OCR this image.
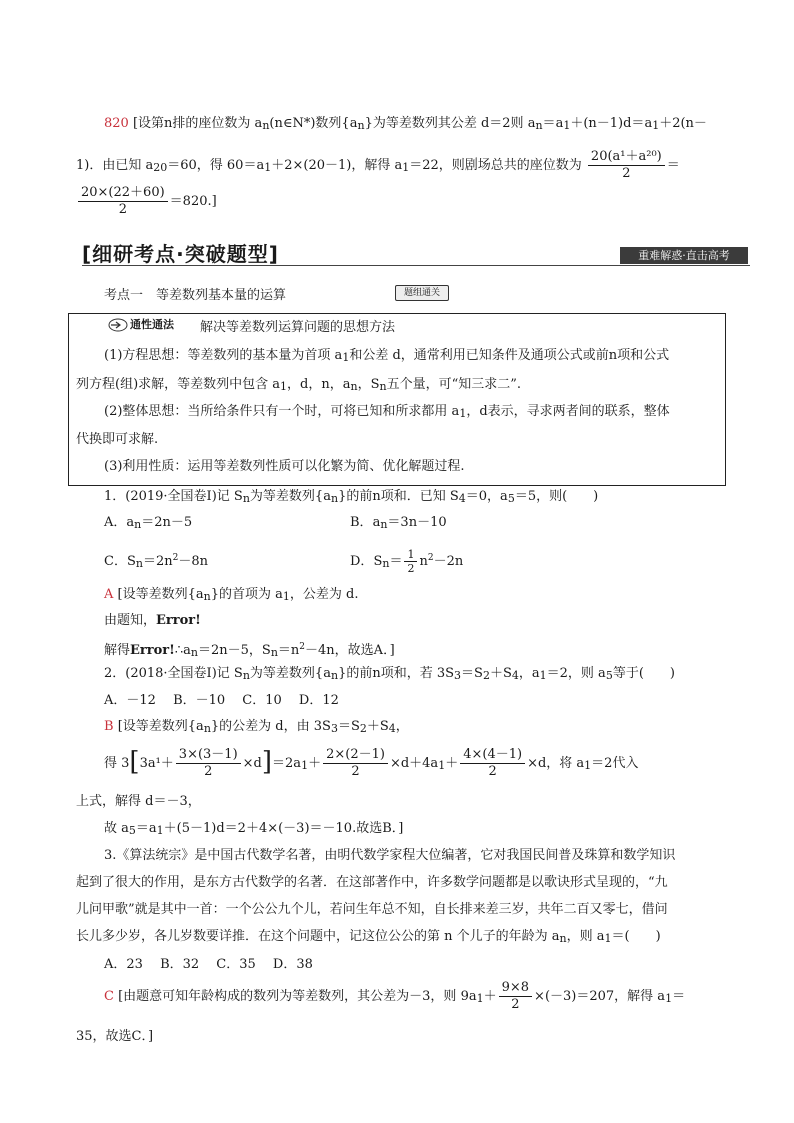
820 [设第n排的座位数为 an(n∈N*)数列{an}为等差数列其公差 d＝2则 an＝a1＋(n－1)d＝a1＋2(n－
1)．由已知 a20＝60，得 60＝a1＋2×(20－1)，解得 a1＝22，则剧场总共的座位数为 $\frac{\text{20(a¹＋a²⁰)}}{2}$ ＝
$\frac{20\times(22+60)}{2} =820$.]
[细研考点·突破题型]	重难解惑·直击高考
考点一　等差数列基本量的运算	题组通关
通性通法 解决等差数列运算问题的思想方法
(1)方程思想：等差数列的基本量为首项 a1和公差 d，通常利用已知条件及通项公式或前n项和公式
列方程(组)求解，等差数列中包含 a1，d，n，an，Sn五个量，可“知三求二”.
(2)整体思想：当所给条件只有一个时，可将已知和所求都用 a1，d表示，寻求两者间的联系，整体
代换即可求解.
(3)利用性质：运用等差数列性质可以化繁为简、优化解题过程.
1．(2019·全国卷Ⅰ)记 Sn为等差数列{an}的前n项和．已知 S4＝0，a5＝5，则(　　)
A．an＝2n－5	B．an＝3n－10
C．$Sn=2n^2-8n$	D．$Sn= \frac{1}{2} n^2-2n$
A [设等差数列{an}的首项为 a1，公差为 d.
由题知，Error!
解得Error!∴an＝2n－5，$Sn=n^2-4n$，故选A．]
2．(2018·全国卷Ⅰ)记 Sn为等差数列{an}的前n项和，若 3S3＝S2＋S4，a1＝2，则 a5等于(　　)
A．－12　 B．－10　 C．10　 D．12
B [设等差数列{an}的公差为 d，由 3S3＝S2＋S4，
得 $3[3a^1+ \frac{3\times(3-1)}{2} \times d]=2a1+ \frac{2\times(2-1)}{2} \times d+4a1+ \frac{4\times(4-1)}{2} \times d$，将 a1＝2代入
上式，解得 d＝－3，
故 a5＝a1＋(5－1)d＝2＋4×(－3)＝－10.故选B．]
3.《算法统宗》是中国古代数学名著，由明代数学家程大位编著，它对我国民间普及珠算和数学知识
起到了很大的作用，是东方古代数学的名著．在这部著作中，许多数学问题都是以歌诀形式呈现的，“九
儿问甲歌”就是其中一首：一个公公九个儿，若问生年总不知，自长排来差三岁，共年二百又零七，借问
长儿多少岁，各儿岁数要详推．在这个问题中，记这位公公的第 n 个儿子的年龄为 an，则 a1＝(　　)
A．23　 B．32　 C．35　 D．38
C [由题意可知年龄构成的数列为等差数列，其公差为－3，则 $9a1+ \frac{9\times 8}{2} \times(-3)=207$，解得 a1＝
35，故选C．]
